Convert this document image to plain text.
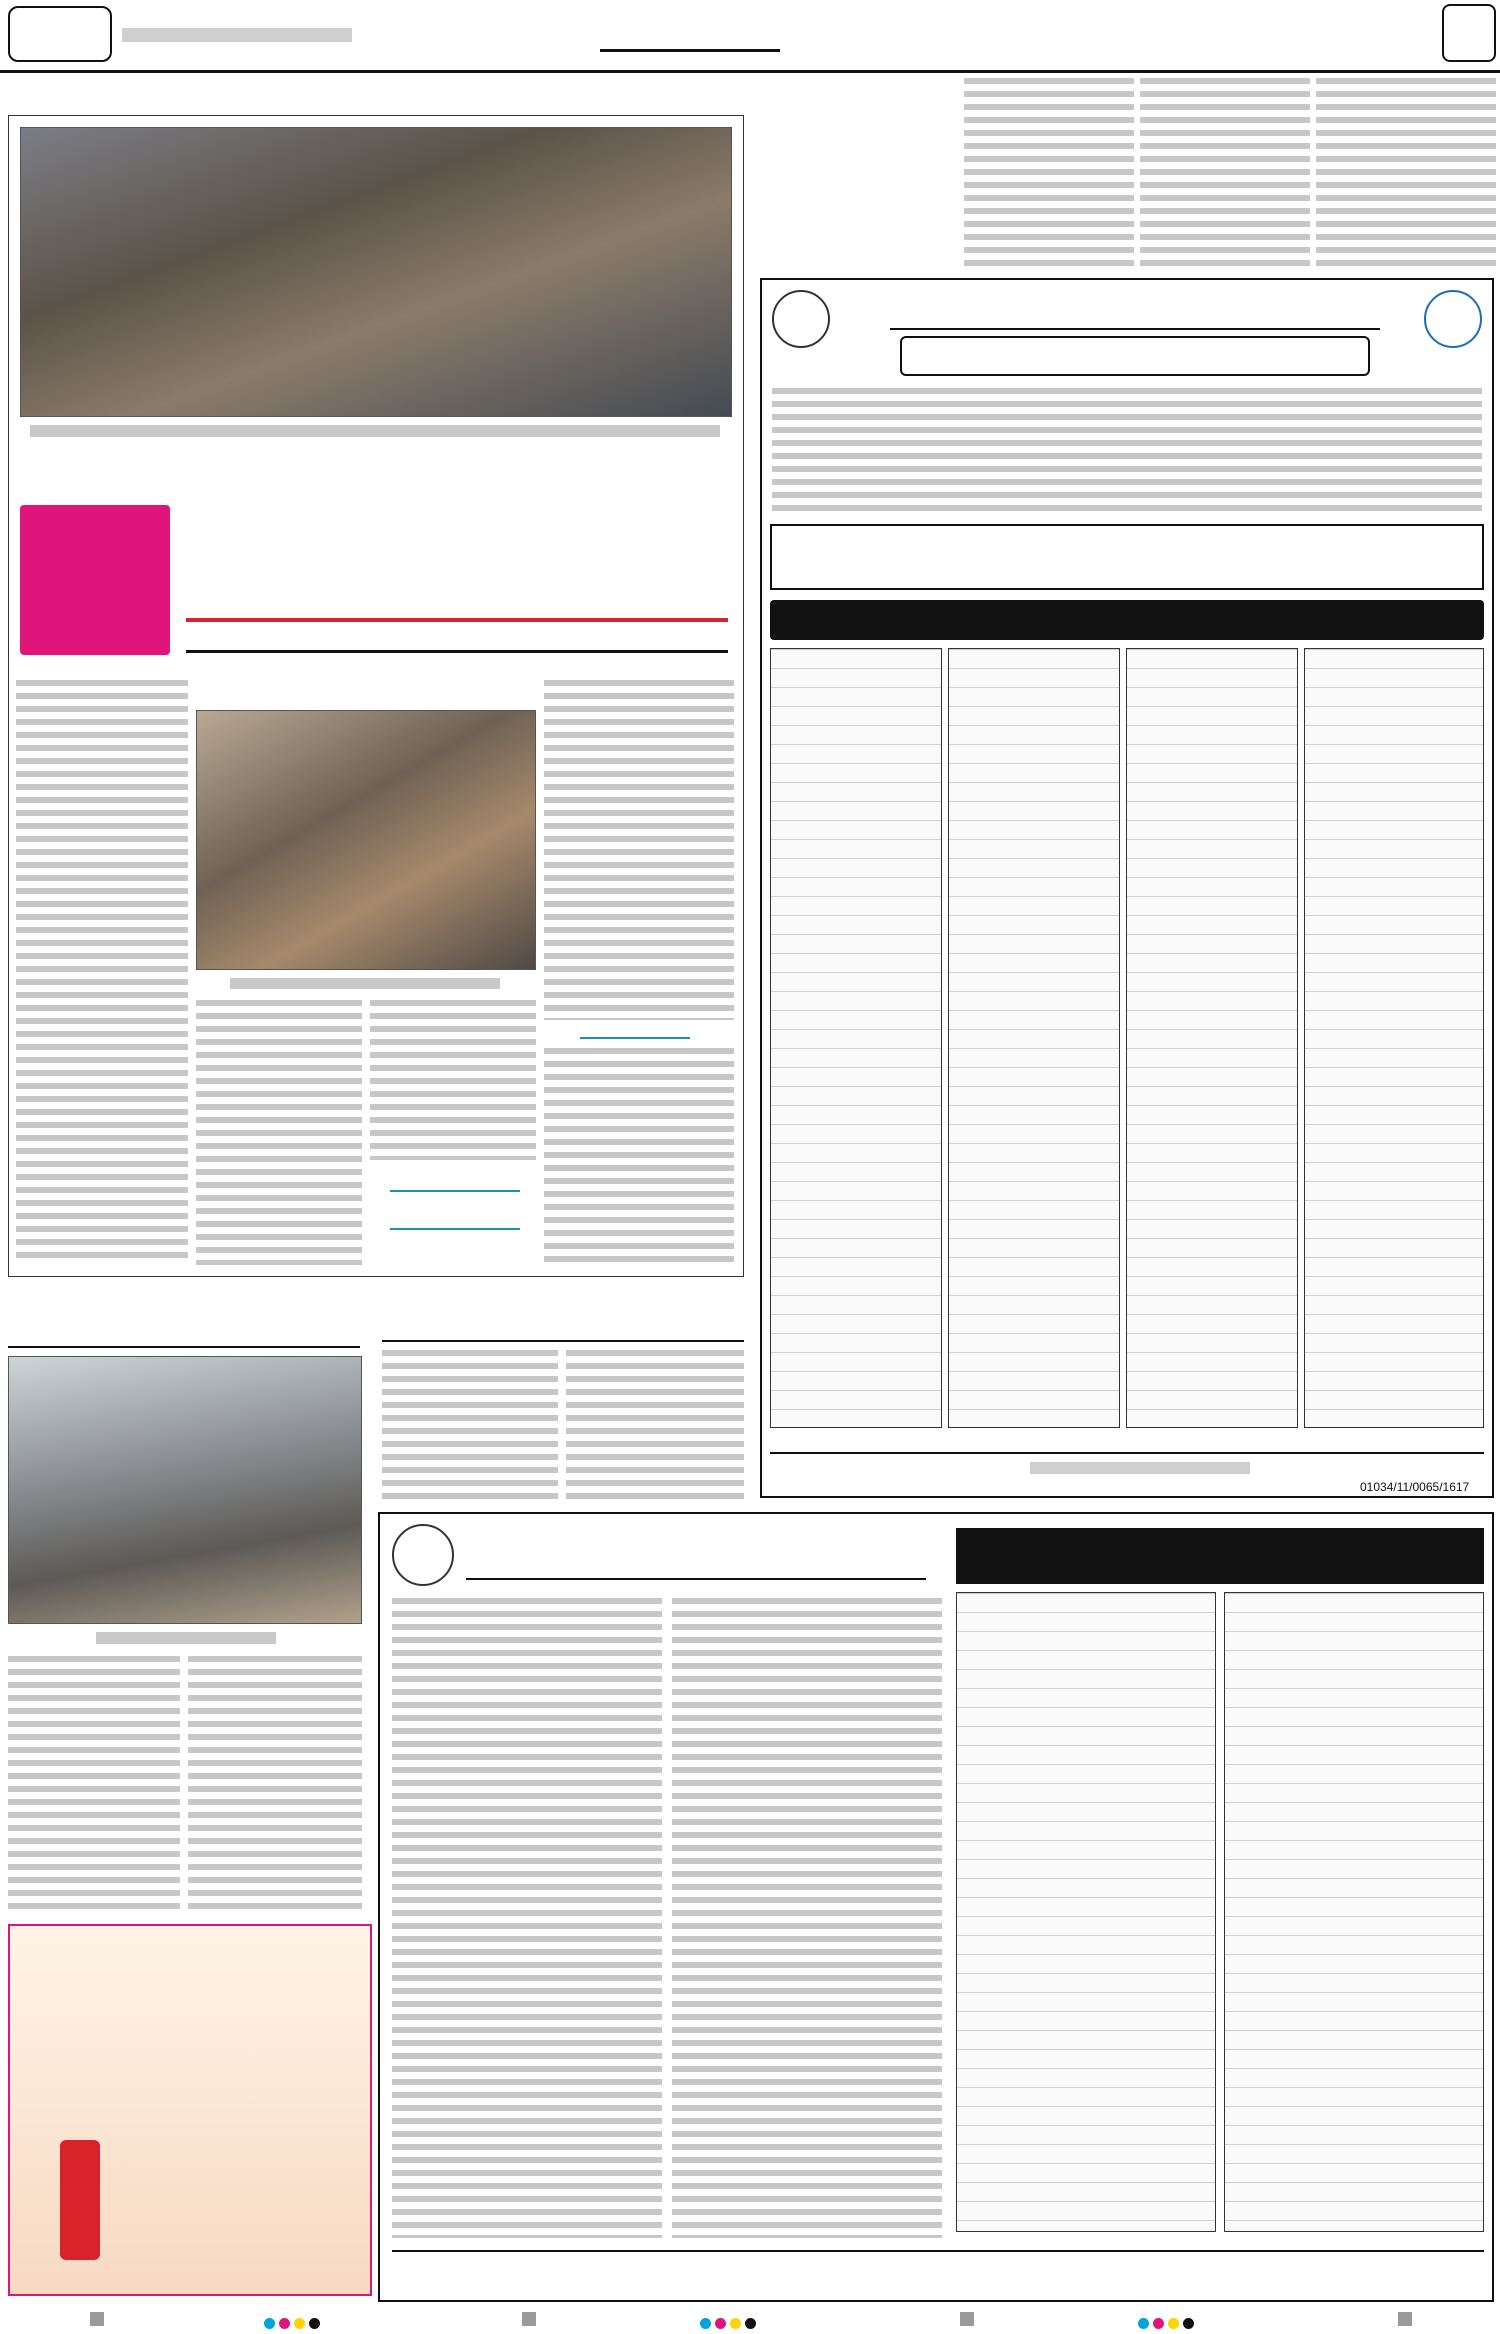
01034/11/0065/1617
